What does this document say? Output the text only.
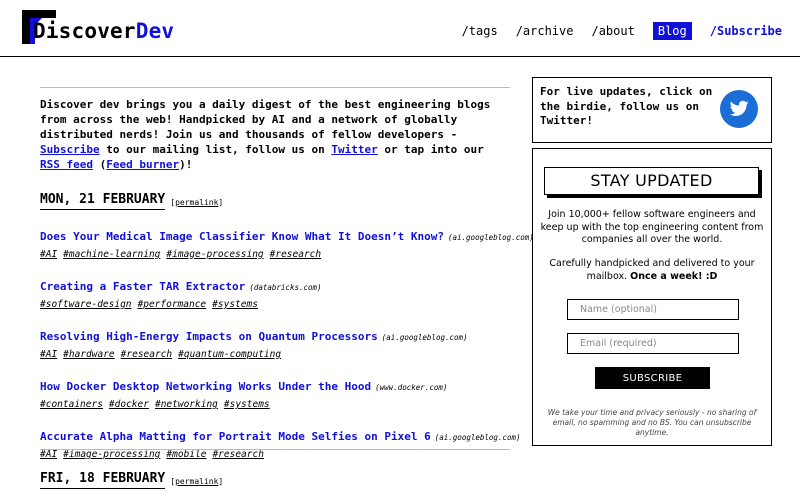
DiscoverDev	/tags /archive /about	Blog	/Subscribe

Discover dev brings you a daily digest of the best engineering blogs from across the web! Handpicked by AI and a network of globally distributed nerds! Join us and thousands of fellow developers - Subscribe to our mailing list, follow us on Twitter or tap into our RSS feed (Feed burner)!

MON, 21 FEBRUARY [permalink]
Does Your Medical Image Classifier Know What It Doesn’t Know? (ai.googleblog.com)
#AI #machine-learning #image-processing #research
Creating a Faster TAR Extractor (databricks.com)
#software-design #performance #systems
Resolving High-Energy Impacts on Quantum Processors (ai.googleblog.com)
#AI #hardware #research #quantum-computing
How Docker Desktop Networking Works Under the Hood (www.docker.com)
#containers #docker #networking #systems
Accurate Alpha Matting for Portrait Mode Selfies on Pixel 6 (ai.googleblog.com)
#AI #image-processing #mobile #research
FRI, 18 FEBRUARY [permalink]
For live updates, click on the birdie, follow us on Twitter!
STAY UPDATED

Join 10,000+ fellow software engineers and keep up with the top engineering content from companies all over the world.

Carefully handpicked and delivered to your mailbox. Once a week! :D

Name (optional)
Email (required)
SUBSCRIBE

We take your time and privacy seriously - no sharing of email, no spamming and no BS. You can unsubscribe anytime.
